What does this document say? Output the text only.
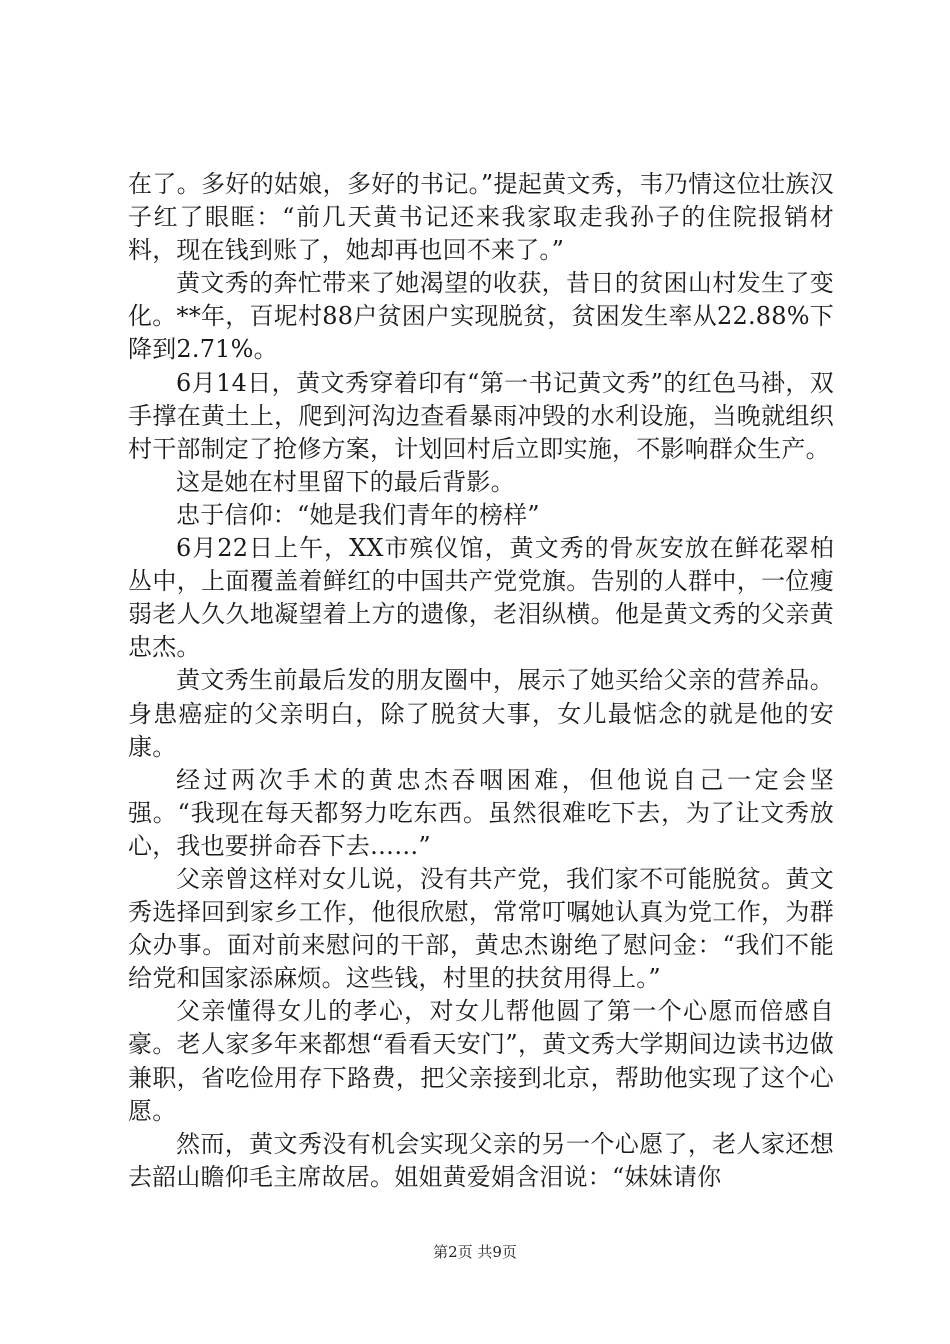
在了。多好的姑娘，多好的书记。”提起黄文秀，韦乃情这位壮族汉子红了眼眶：“前几天黄书记还来我家取走我孙子的住院报销材料，现在钱到账了，她却再也回不来了。”

黄文秀的奔忙带来了她渴望的收获，昔日的贫困山村发生了变化。**年，百坭村88户贫困户实现脱贫，贫困发生率从22.88%下降到2.71%。

6月14日，黄文秀穿着印有“第一书记黄文秀”的红色马褂，双手撑在黄土上，爬到河沟边查看暴雨冲毁的水利设施，当晚就组织村干部制定了抢修方案，计划回村后立即实施，不影响群众生产。

这是她在村里留下的最后背影。

忠于信仰：“她是我们青年的榜样”

6月22日上午，XX市殡仪馆，黄文秀的骨灰安放在鲜花翠柏丛中，上面覆盖着鲜红的中国共产党党旗。告别的人群中，一位瘦弱老人久久地凝望着上方的遗像，老泪纵横。他是黄文秀的父亲黄忠杰。

黄文秀生前最后发的朋友圈中，展示了她买给父亲的营养品。身患癌症的父亲明白，除了脱贫大事，女儿最惦念的就是他的安康。

经过两次手术的黄忠杰吞咽困难，但他说自己一定会坚强。“我现在每天都努力吃东西。虽然很难吃下去，为了让文秀放心，我也要拼命吞下去……”

父亲曾这样对女儿说，没有共产党，我们家不可能脱贫。黄文秀选择回到家乡工作，他很欣慰，常常叮嘱她认真为党工作，为群众办事。面对前来慰问的干部，黄忠杰谢绝了慰问金：“我们不能给党和国家添麻烦。这些钱，村里的扶贫用得上。”

父亲懂得女儿的孝心，对女儿帮他圆了第一个心愿而倍感自豪。老人家多年来都想“看看天安门”，黄文秀大学期间边读书边做兼职，省吃俭用存下路费，把父亲接到北京，帮助他实现了这个心愿。

然而，黄文秀没有机会实现父亲的另一个心愿了，老人家还想去韶山瞻仰毛主席故居。姐姐黄爱娟含泪说：“妹妹请你

第2页 共9页
